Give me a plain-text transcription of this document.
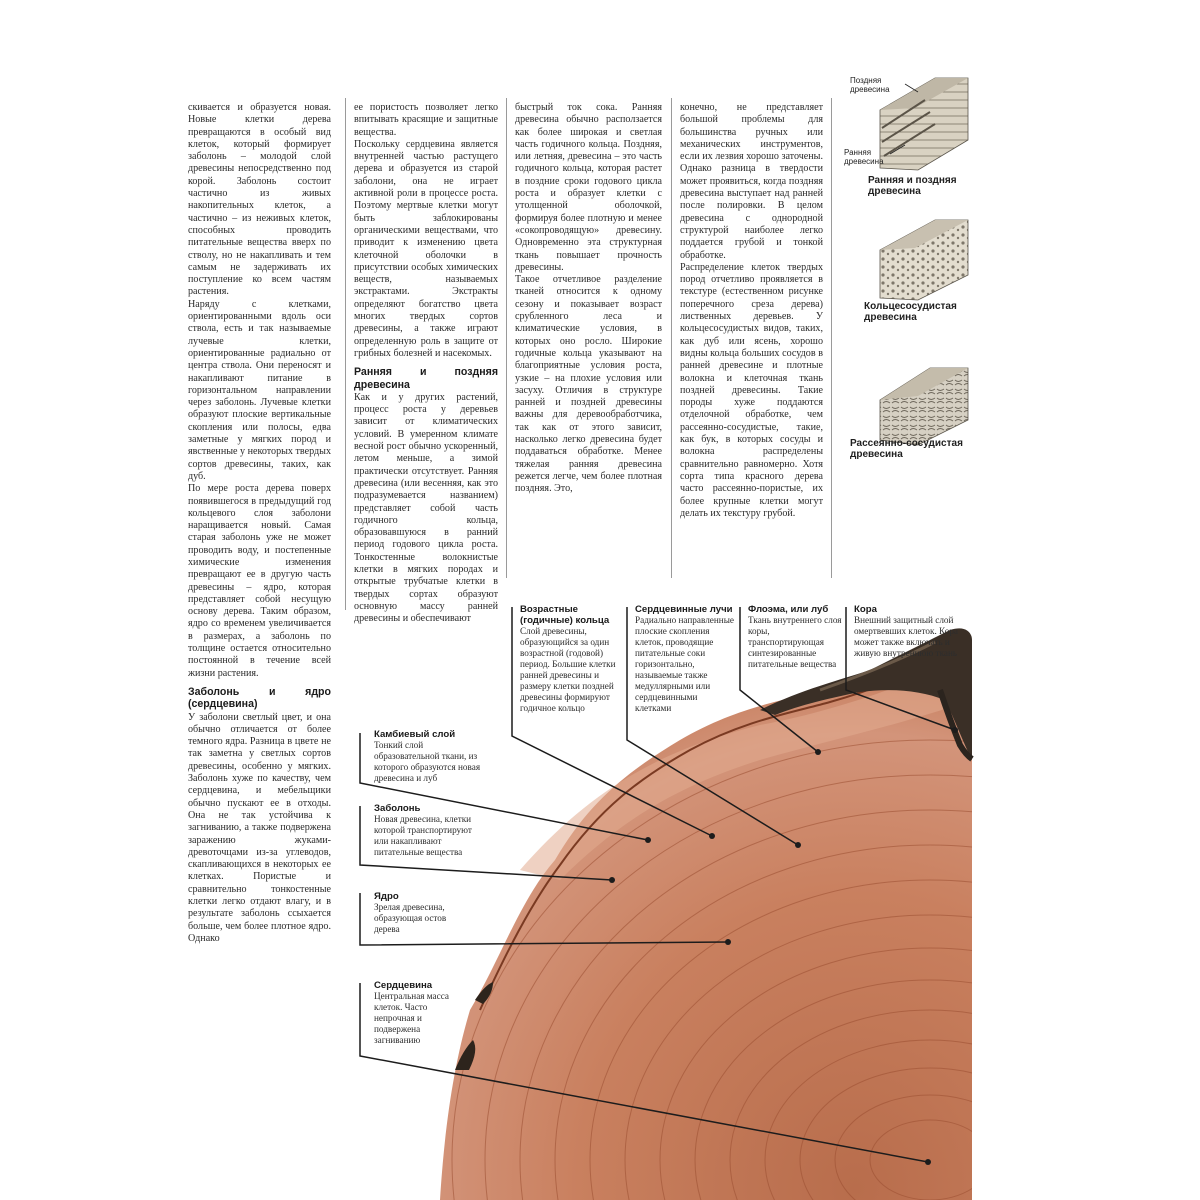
скивается и образуется новая. Новые клетки дерева превращаются в особый вид клеток, который формирует заболонь – молодой слой древесины непосредственно под корой. Заболонь состоит частично из живых накопительных клеток, а частично – из неживых клеток, способных проводить питательные вещества вверх по стволу, но не накапливать и тем самым не задерживать их поступление ко всем частям растения.

Наряду с клетками, ориентированными вдоль оси ствола, есть и так называемые лучевые клетки, ориентированные радиально от центра ствола. Они переносят и накапливают питание в горизонтальном направлении через заболонь. Лучевые клетки образуют плоские вертикальные скопления или полосы, едва заметные у мягких пород и явственные у некоторых твердых сортов древесины, таких, как дуб.

По мере роста дерева поверх появившегося в предыдущий год кольцевого слоя заболони наращивается новый. Самая старая заболонь уже не может проводить воду, и постепенные химические изменения превращают ее в другую часть древесины – ядро, которая представляет собой несущую основу дерева. Таким образом, ядро со временем увеличивается в размерах, а заболонь по толщине остается относительно постоянной в течение всей жизни растения.

Заболонь и ядро (сердцевина)

У заболони светлый цвет, и она обычно отличается от более темного ядра. Разница в цвете не так заметна у светлых сортов древесины, особенно у мягких. Заболонь хуже по качеству, чем сердцевина, и мебельщики обычно пускают ее в отходы. Она не так устойчива к загниванию, а также подвержена заражению жуками-древоточцами из-за углеводов, скапливающихся в некоторых ее клетках. Пористые и сравнительно тонкостенные клетки легко отдают влагу, и в результате заболонь ссыхается больше, чем более плотное ядро. Однако

ее пористость позволяет легко впитывать красящие и защитные вещества.

Поскольку сердцевина является внутренней частью растущего дерева и образуется из старой заболони, она не играет активной роли в процессе роста. Поэтому мертвые клетки могут быть заблокированы органическими веществами, что приводит к изменению цвета клеточной оболочки в присутствии особых химических веществ, называемых экстрактами. Экстракты определяют богатство цвета многих твердых сортов древесины, а также играют определенную роль в защите от грибных болезней и насекомых.

Ранняя и поздняя древесина

Как и у других растений, процесс роста у деревьев зависит от климатических условий. В умеренном климате весной рост обычно ускоренный, летом меньше, а зимой практически отсутствует. Ранняя древесина (или весенняя, как это подразумевается названием) представляет собой часть годичного кольца, образовавшуюся в ранний период годового цикла роста. Тонкостенные волокнистые клетки в мягких породах и открытые трубчатые клетки в твердых сортах образуют основную массу ранней древесины и обеспечивают

быстрый ток сока. Ранняя древесина обычно расползается как более широкая и светлая часть годичного кольца. Поздняя, или летняя, древесина – это часть годичного кольца, которая растет в поздние сроки годового цикла роста и образует клетки с утолщенной оболочкой, формируя более плотную и менее «сокопроводящую» древесину. Одновременно эта структурная ткань повышает прочность древесины.

Такое отчетливое разделение тканей относится к одному сезону и показывает возраст срубленного леса и климатические условия, в которых оно росло. Широкие годичные кольца указывают на благоприятные условия роста, узкие – на плохие условия или засуху. Отличия в структуре ранней и поздней древесины важны для деревообработчика, так как от этого зависит, насколько легко древесина будет поддаваться обработке. Менее тяжелая ранняя древесина режется легче, чем более плотная поздняя. Это,

конечно, не представляет большой проблемы для большинства ручных или механических инструментов, если их лезвия хорошо заточены. Однако разница в твердости может проявиться, когда поздняя древесина выступает над ранней после полировки. В целом древесина с однородной структурой наиболее легко поддается грубой и тонкой обработке.

Распределение клеток твердых пород отчетливо проявляется в текстуре (естественном рисунке поперечного среза дерева) лиственных деревьев. У кольцесосудистых видов, таких, как дуб или ясень, хорошо видны кольца больших сосудов в ранней древесине и плотные волокна и клеточная ткань поздней древесины. Такие породы хуже поддаются отделочной обработке, чем рассеянно-сосудистые, такие, как бук, в которых сосуды и волокна распределены сравнительно равномерно. Хотя сорта типа красного дерева часто рассеянно-пористые, их более крупные клетки могут делать их текстуру грубой.

Поздняя древесина
Ранняя древесина
Ранняя и поздняя древесина
Кольцесосудистая древесина
Рассеянно-сосудистая древесина
Возрастные (годичные) кольца
Слой древесины, образующийся за один возрастной (годовой) период. Большие клетки ранней древесины и размеру клетки поздней древесины формируют годичное кольцо
Сердцевинные лучи
Радиально направленные плоские скопления клеток, проводящие питательные соки горизонтально, называемые также медуллярными или сердцевинными клетками
Флоэма, или луб
Ткань внутреннего слоя коры, транспортирующая синтезированные питательные вещества
Кора
Внешний защитный слой омертвевших клеток. Кора может также включать и живую внутреннюю ткань
Камбиевый слой
Тонкий слой образовательной ткани, из которого образуются новая древесина и луб
Заболонь
Новая древесина, клетки которой транспортируют или накапливают питательные вещества
Ядро
Зрелая древесина, образующая остов дерева
Сердцевина
Центральная масса клеток. Часто непрочная и подвержена загниванию
